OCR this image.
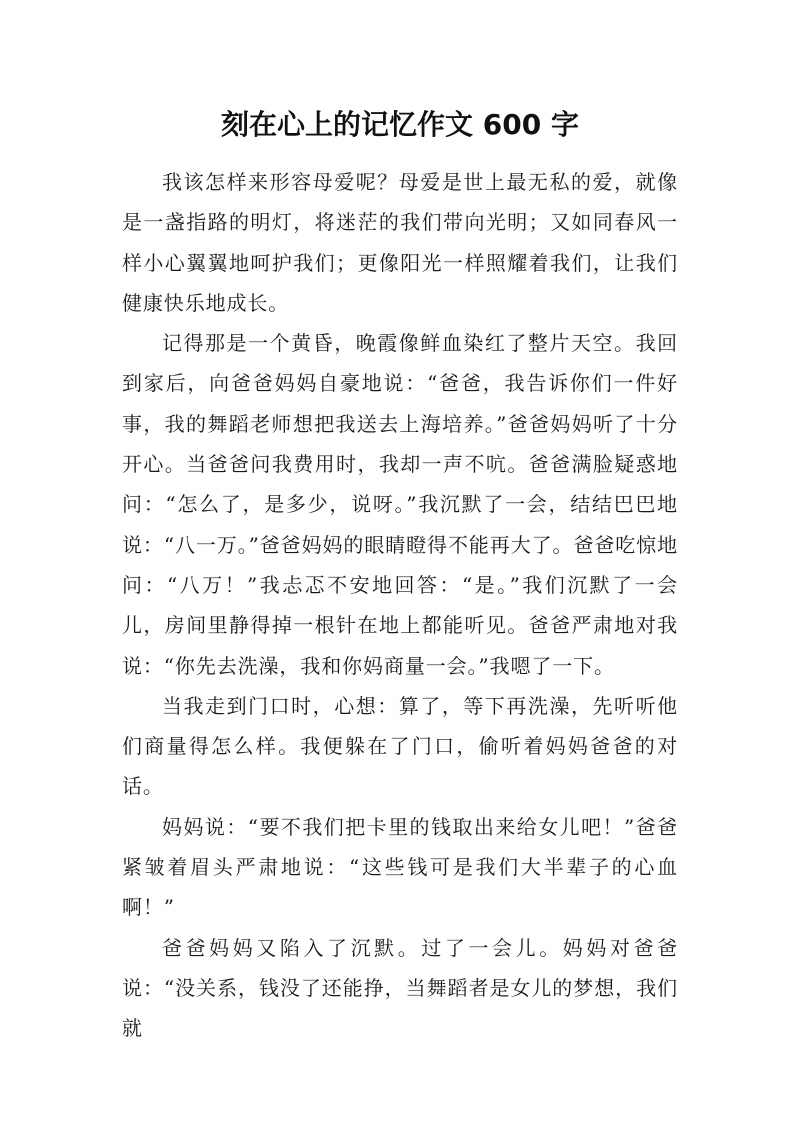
刻在心上的记忆作文 600 字

我该怎样来形容母爱呢？母爱是世上最无私的爱，就像是一盏指路的明灯，将迷茫的我们带向光明；又如同春风一样小心翼翼地呵护我们；更像阳光一样照耀着我们，让我们健康快乐地成长。

记得那是一个黄昏，晚霞像鲜血染红了整片天空。我回到家后，向爸爸妈妈自豪地说：“爸爸，我告诉你们一件好事，我的舞蹈老师想把我送去上海培养。”爸爸妈妈听了十分开心。当爸爸问我费用时，我却一声不吭。爸爸满脸疑惑地问：“怎么了，是多少，说呀。”我沉默了一会，结结巴巴地说：“八一万。”爸爸妈妈的眼睛瞪得不能再大了。爸爸吃惊地问：“八万！”我忐忑不安地回答：“是。”我们沉默了一会儿，房间里静得掉一根针在地上都能听见。爸爸严肃地对我说：“你先去洗澡，我和你妈商量一会。”我嗯了一下。

当我走到门口时，心想：算了，等下再洗澡，先听听他们商量得怎么样。我便躲在了门口，偷听着妈妈爸爸的对话。

妈妈说：“要不我们把卡里的钱取出来给女儿吧！”爸爸紧皱着眉头严肃地说：“这些钱可是我们大半辈子的心血啊！”

爸爸妈妈又陷入了沉默。过了一会儿。妈妈对爸爸说：“没关系，钱没了还能挣，当舞蹈者是女儿的梦想，我们就
